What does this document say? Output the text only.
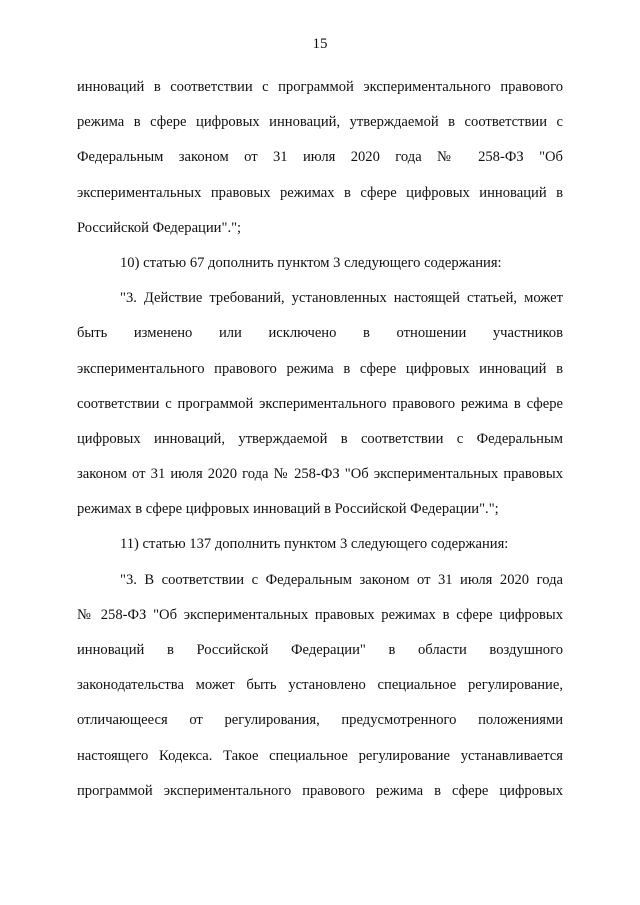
15
инноваций в соответствии с программой экспериментального правового
режима в сфере цифровых инноваций, утверждаемой в соответствии с
Федеральным законом от 31 июля 2020 года № 258-ФЗ "Об
экспериментальных правовых режимах в сфере цифровых инноваций в
Российской Федерации".";
10) статью 67 дополнить пунктом 3 следующего содержания:
"3. Действие требований, установленных настоящей статьей, может
быть изменено или исключено в отношении участников
экспериментального правового режима в сфере цифровых инноваций в
соответствии с программой экспериментального правового режима в сфере
цифровых инноваций, утверждаемой в соответствии с Федеральным
законом от 31 июля 2020 года № 258-ФЗ "Об экспериментальных правовых
режимах в сфере цифровых инноваций в Российской Федерации".";
11) статью 137 дополнить пунктом 3 следующего содержания:
"3. В соответствии с Федеральным законом от 31 июля 2020 года
№ 258-ФЗ "Об экспериментальных правовых режимах в сфере цифровых
инноваций в Российской Федерации" в области воздушного
законодательства может быть установлено специальное регулирование,
отличающееся от регулирования, предусмотренного положениями
настоящего Кодекса. Такое специальное регулирование устанавливается
программой экспериментального правового режима в сфере цифровых
